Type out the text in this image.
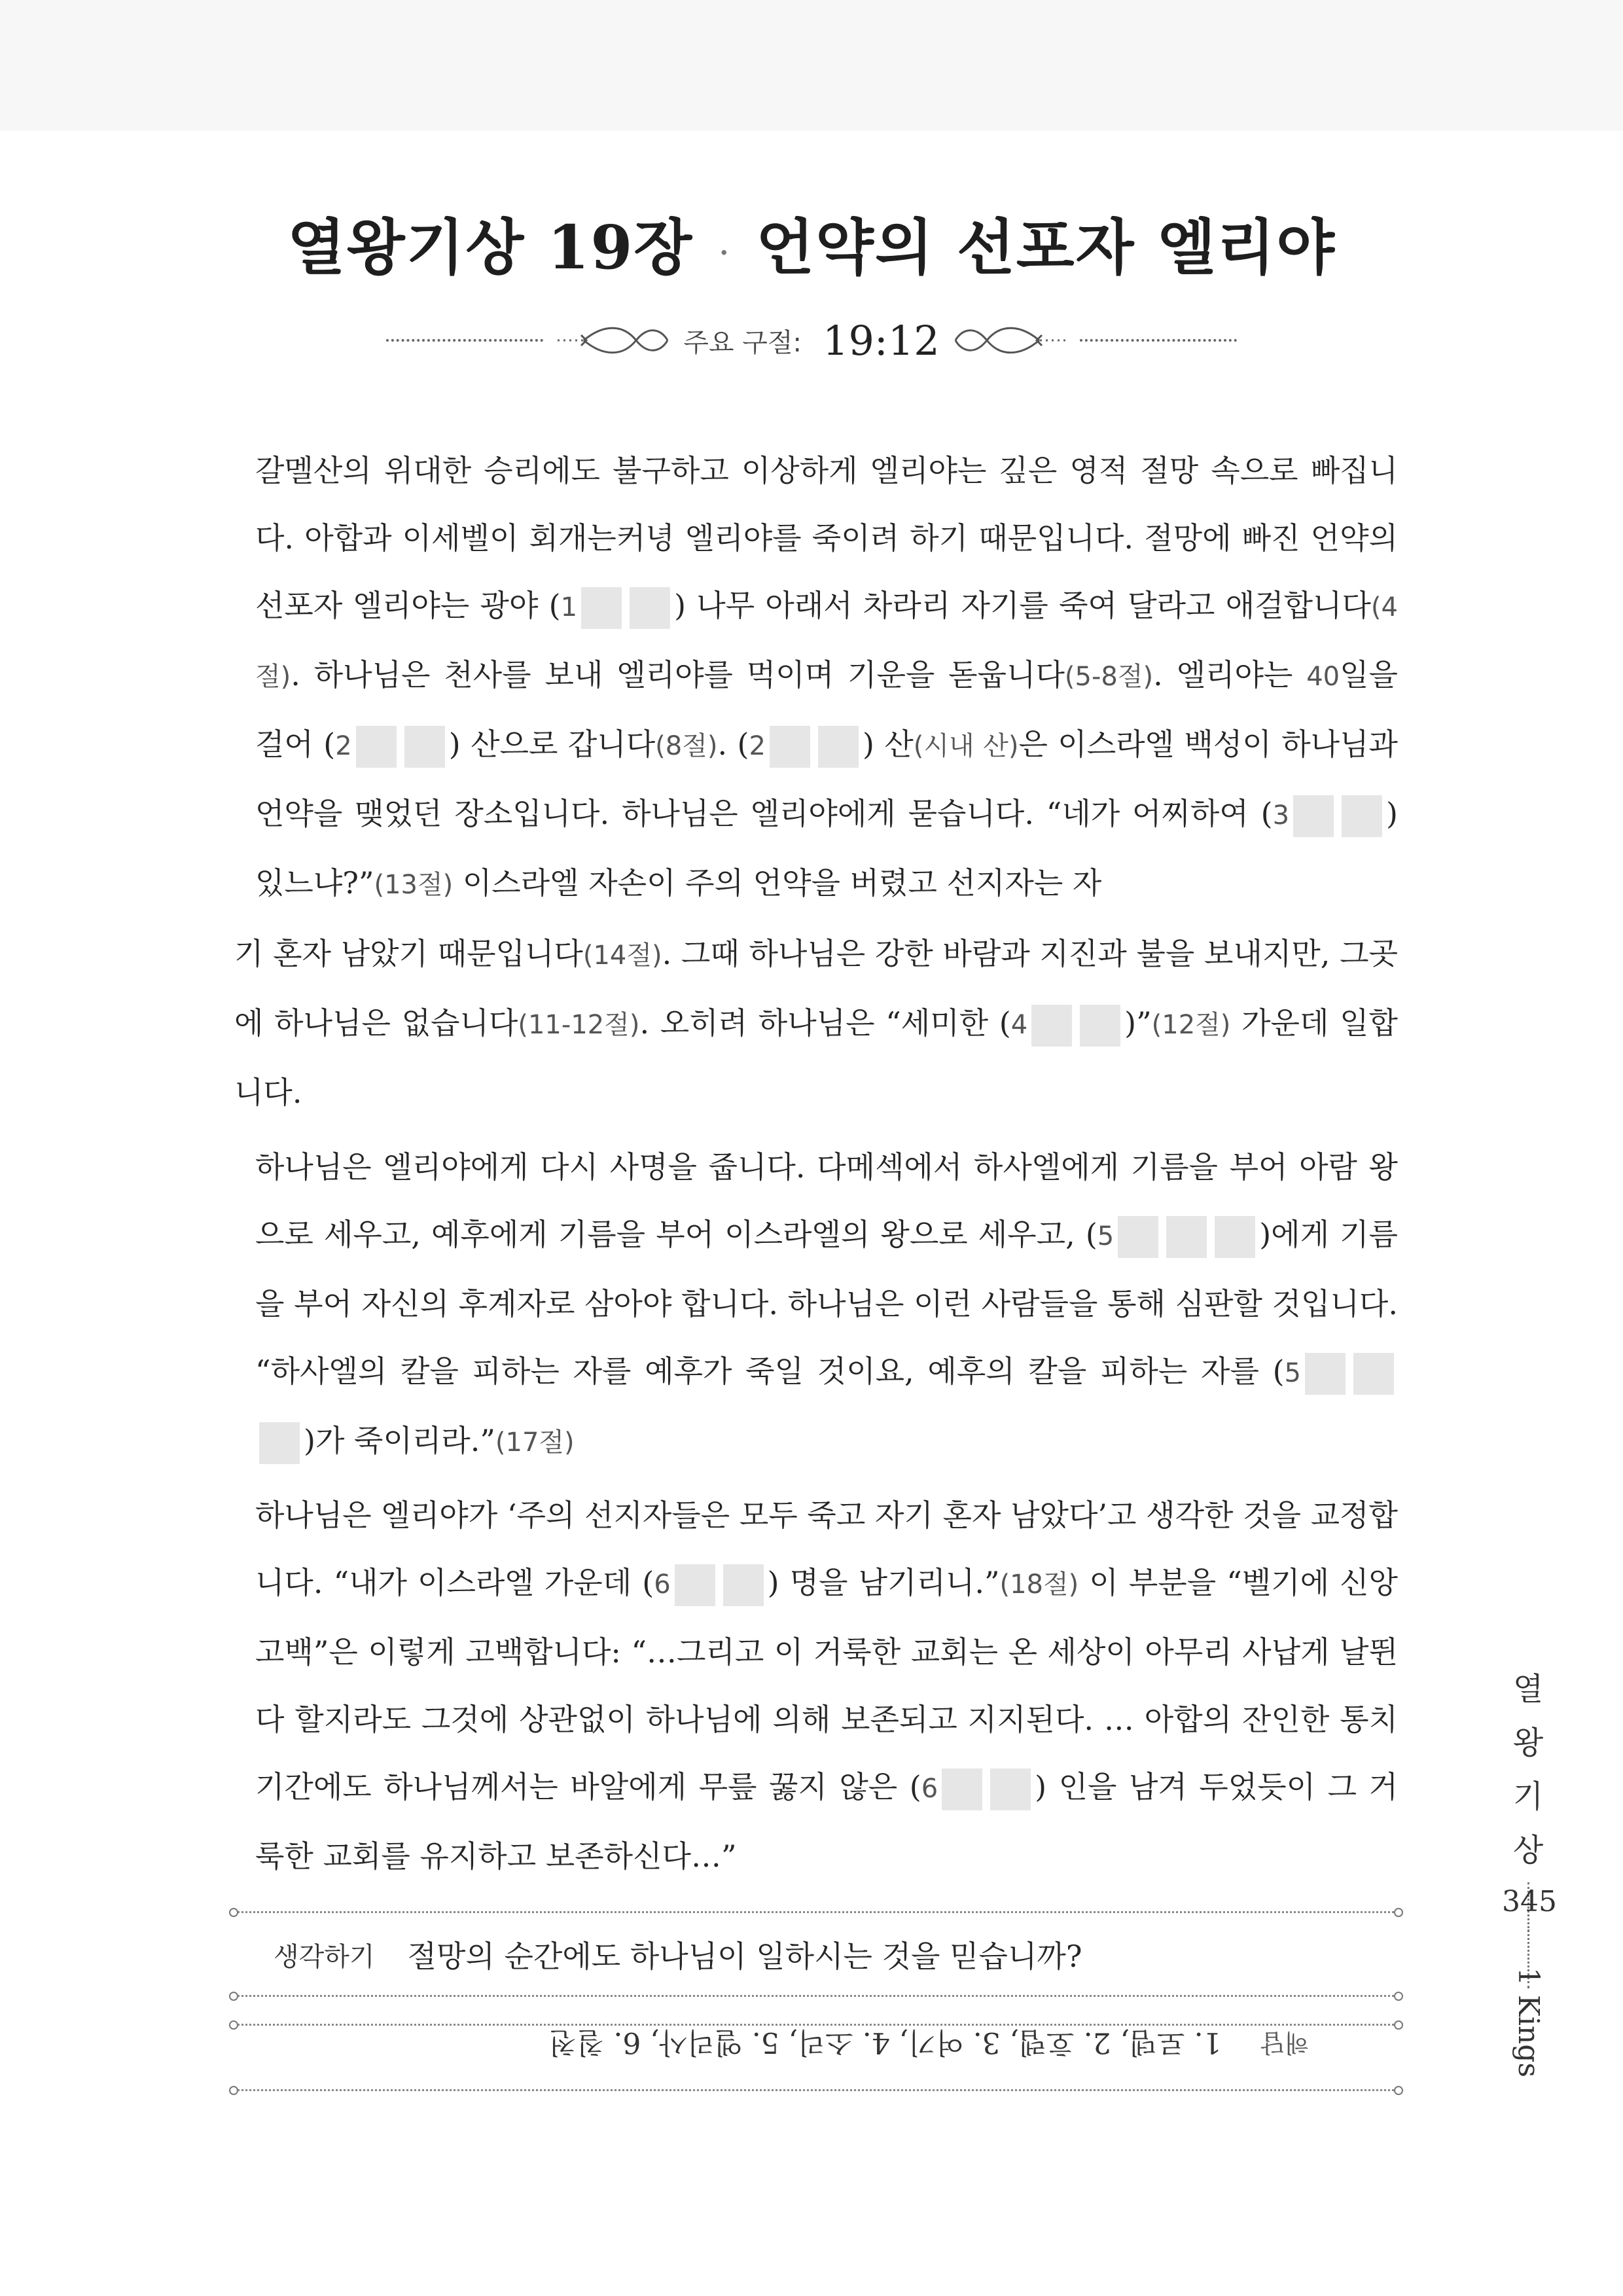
열왕기상 19장 · 언약의 선포자 엘리야
주요 구절: 19:12

갈멜산의 위대한 승리에도 불구하고 이상하게 엘리야는 깊은 영적 절망 속으로 빠집니다. 아합과 이세벨이 회개는커녕 엘리야를 죽이려 하기 때문입니다. 절망에 빠진 언약의 선포자 엘리야는 광야 (1	) 나무 아래서 차라리 자기를 죽여 달라고 애걸합니다(4절). 하나님은 천사를 보내 엘리야를 먹이며 기운을 돋웁니다(5-8절). 엘리야는 40일을 걸어 (2	) 산으로 갑니다(8절). (2	) 산(시내 산)은 이스라엘 백성이 하나님과 언약을 맺었던 장소입니다. 하나님은 엘리야에게 묻습니다. “네가 어찌하여 (3	) 있느냐?”(13절) 이스라엘 자손이 주의 언약을 버렸고 선지자는 자

기 혼자 남았기 때문입니다(14절). 그때 하나님은 강한 바람과 지진과 불을 보내지만, 그곳에 하나님은 없습니다(11-12절). 오히려 하나님은 “세미한 (4	)”(12절) 가운데 일합니다.

하나님은 엘리야에게 다시 사명을 줍니다. 다메섹에서 하사엘에게 기름을 부어 아람 왕으로 세우고, 예후에게 기름을 부어 이스라엘의 왕으로 세우고, (5	)에게 기름을 부어 자신의 후계자로 삼아야 합니다. 하나님은 이런 사람들을 통해 심판할 것입니다. “하사엘의 칼을 피하는 자를 예후가 죽일 것이요, 예후의 칼을 피하는 자를 (5)가 죽이리라.”(17절)

하나님은 엘리야가 ‘주의 선지자들은 모두 죽고 자기 혼자 남았다’고 생각한 것을 교정합니다. “내가 이스라엘 가운데 (6	) 명을 남기리니.”(18절) 이 부분을 “벨기에 신앙고백”은 이렇게 고백합니다: “…그리고 이 거룩한 교회는 온 세상이 아무리 사납게 날뛴다 할지라도 그것에 상관없이 하나님에 의해 보존되고 지지된다. … 아합의 잔인한 통치 기간에도 하나님께서는 바알에게 무릎 꿇지 않은 (6	) 인을 남겨 두었듯이 그 거룩한 교회를 유지하고 보존하신다…”

생각하기 절망의 순간에도 하나님이 일하시는 것을 믿습니까?
해답
1. 로뎀, 2. 호렙, 3. 여기, 4. 소리, 5. 엘리사, 6. 칠천
열
왕
기
상
345
1 Kings
